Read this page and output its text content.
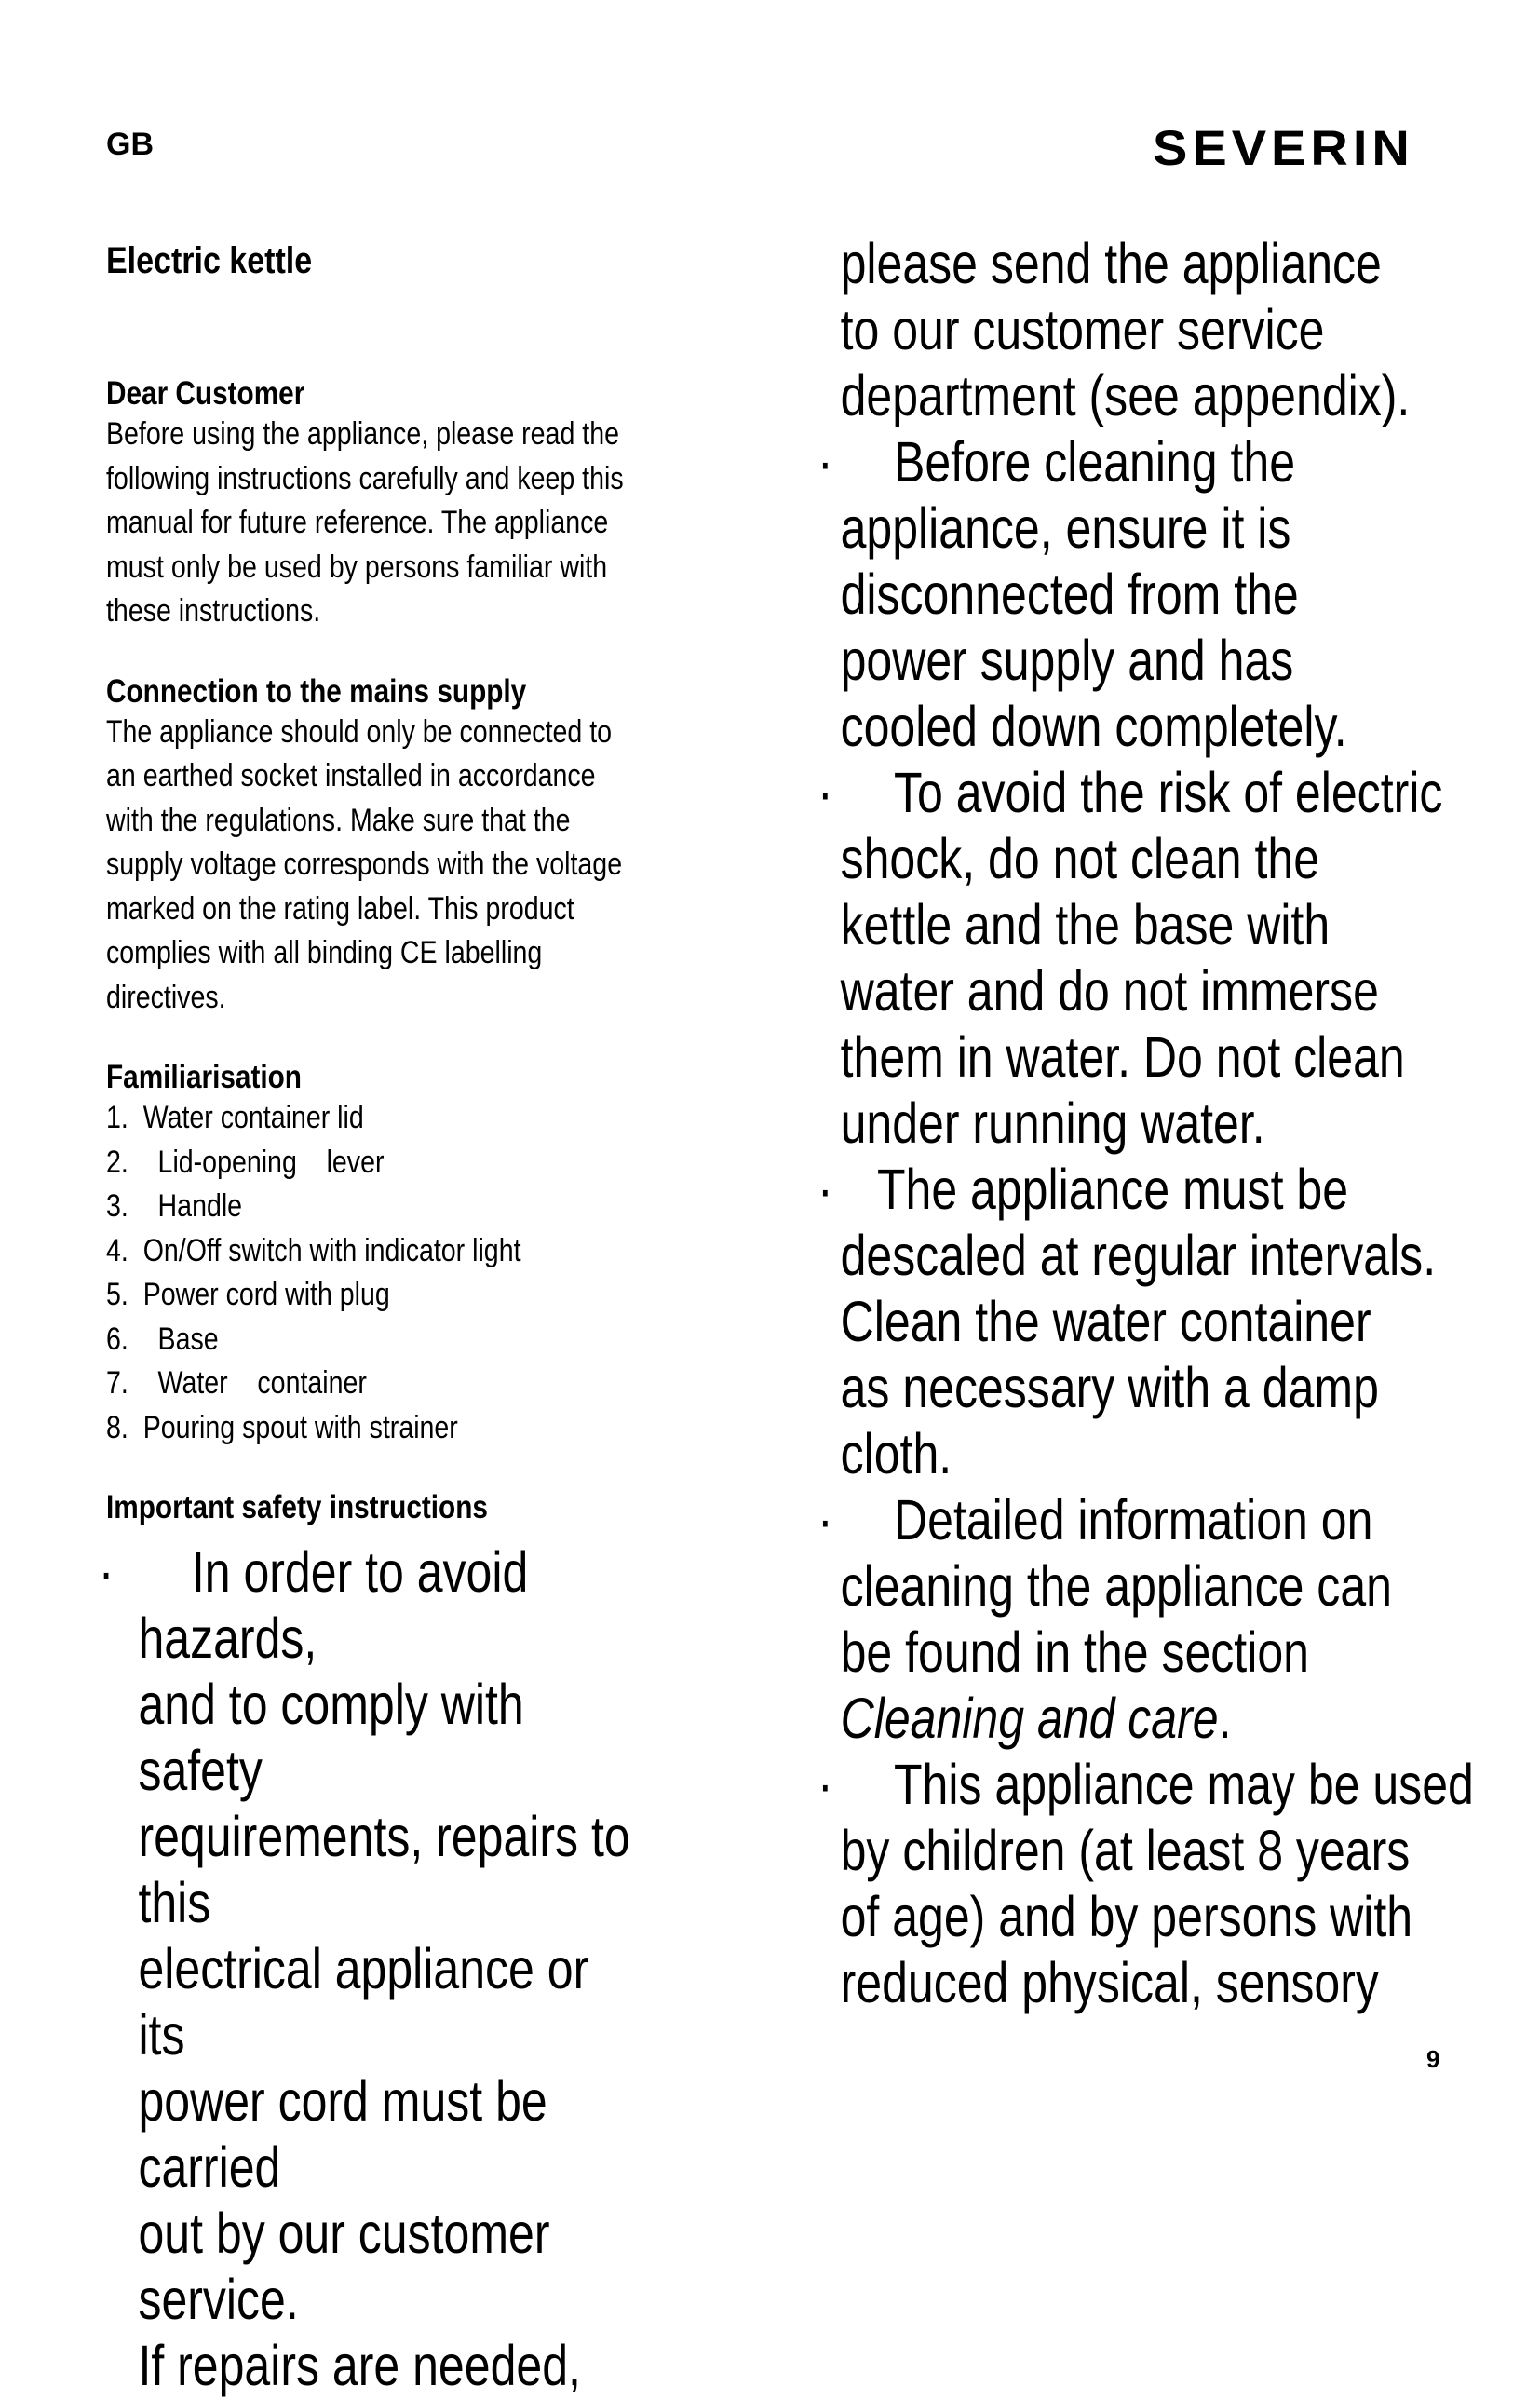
GB	SEVERIN
Electric kettle
Dear Customer
Before using the appliance, please read the
following instructions carefully and keep this
manual for future reference. The appliance
must only be used by persons familiar with
these instructions.
Connection to the mains supply
The appliance should only be connected to
an earthed socket installed in accordance
with the regulations. Make sure that the
supply voltage corresponds with the voltage
marked on the rating label. This product
complies with all binding CE labelling
directives.
Familiarisation
1.  Water container lid
2.    Lid-opening    lever
3.    Handle
4.  On/Off switch with indicator light
5.  Power cord with plug
6.    Base
7.    Water    container
8.  Pouring spout with strainer
Important safety instructions
·	In order to avoid hazards,
and to comply with safety
requirements, repairs to this
electrical appliance or its
power cord must be carried
out by our customer service.
If repairs are needed,
please send the appliance
to our customer service
department (see appendix).
·	Before cleaning the
appliance, ensure it is
disconnected from the
power supply and has
cooled down completely.
·	To avoid the risk of electric
shock, do not clean the
kettle and the base with
water and do not immerse
them in water. Do not clean
under running water.
· The appliance must be
descaled at regular intervals.
Clean the water container
as necessary with a damp
cloth.
·	Detailed information on
cleaning the appliance can
be found in the section
Cleaning and care.
·	This appliance may be used
by children (at least 8 years
of age) and by persons with
reduced physical, sensory
9
